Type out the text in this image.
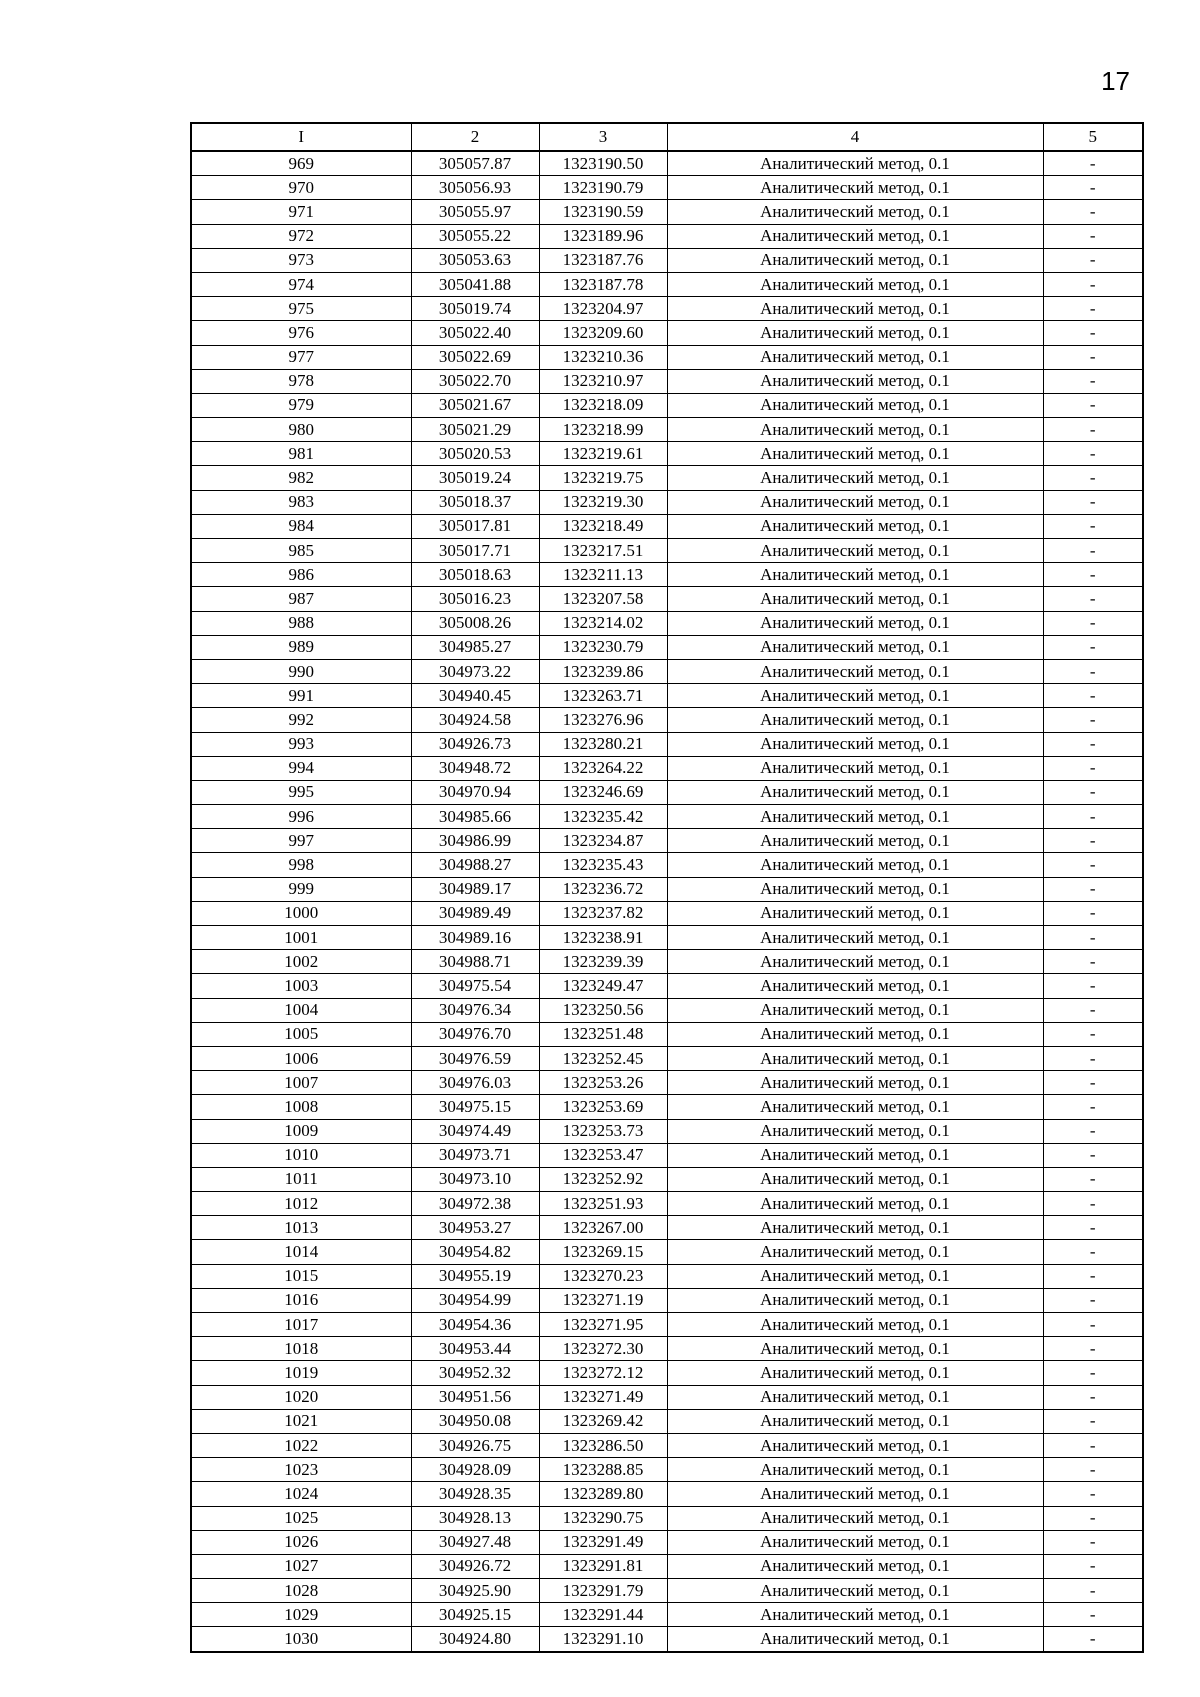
17
I	2	3	4	5
969	305057.87	1323190.50	Аналитический метод, 0.1	-
970	305056.93	1323190.79	Аналитический метод, 0.1	-
971	305055.97	1323190.59	Аналитический метод, 0.1	-
972	305055.22	1323189.96	Аналитический метод, 0.1	-
973	305053.63	1323187.76	Аналитический метод, 0.1	-
974	305041.88	1323187.78	Аналитический метод, 0.1	-
975	305019.74	1323204.97	Аналитический метод, 0.1	-
976	305022.40	1323209.60	Аналитический метод, 0.1	-
977	305022.69	1323210.36	Аналитический метод, 0.1	-
978	305022.70	1323210.97	Аналитический метод, 0.1	-
979	305021.67	1323218.09	Аналитический метод, 0.1	-
980	305021.29	1323218.99	Аналитический метод, 0.1	-
981	305020.53	1323219.61	Аналитический метод, 0.1	-
982	305019.24	1323219.75	Аналитический метод, 0.1	-
983	305018.37	1323219.30	Аналитический метод, 0.1	-
984	305017.81	1323218.49	Аналитический метод, 0.1	-
985	305017.71	1323217.51	Аналитический метод, 0.1	-
986	305018.63	1323211.13	Аналитический метод, 0.1	-
987	305016.23	1323207.58	Аналитический метод, 0.1	-
988	305008.26	1323214.02	Аналитический метод, 0.1	-
989	304985.27	1323230.79	Аналитический метод, 0.1	-
990	304973.22	1323239.86	Аналитический метод, 0.1	-
991	304940.45	1323263.71	Аналитический метод, 0.1	-
992	304924.58	1323276.96	Аналитический метод, 0.1	-
993	304926.73	1323280.21	Аналитический метод, 0.1	-
994	304948.72	1323264.22	Аналитический метод, 0.1	-
995	304970.94	1323246.69	Аналитический метод, 0.1	-
996	304985.66	1323235.42	Аналитический метод, 0.1	-
997	304986.99	1323234.87	Аналитический метод, 0.1	-
998	304988.27	1323235.43	Аналитический метод, 0.1	-
999	304989.17	1323236.72	Аналитический метод, 0.1	-
1000	304989.49	1323237.82	Аналитический метод, 0.1	-
1001	304989.16	1323238.91	Аналитический метод, 0.1	-
1002	304988.71	1323239.39	Аналитический метод, 0.1	-
1003	304975.54	1323249.47	Аналитический метод, 0.1	-
1004	304976.34	1323250.56	Аналитический метод, 0.1	-
1005	304976.70	1323251.48	Аналитический метод, 0.1	-
1006	304976.59	1323252.45	Аналитический метод, 0.1	-
1007	304976.03	1323253.26	Аналитический метод, 0.1	-
1008	304975.15	1323253.69	Аналитический метод, 0.1	-
1009	304974.49	1323253.73	Аналитический метод, 0.1	-
1010	304973.71	1323253.47	Аналитический метод, 0.1	-
1011	304973.10	1323252.92	Аналитический метод, 0.1	-
1012	304972.38	1323251.93	Аналитический метод, 0.1	-
1013	304953.27	1323267.00	Аналитический метод, 0.1	-
1014	304954.82	1323269.15	Аналитический метод, 0.1	-
1015	304955.19	1323270.23	Аналитический метод, 0.1	-
1016	304954.99	1323271.19	Аналитический метод, 0.1	-
1017	304954.36	1323271.95	Аналитический метод, 0.1	-
1018	304953.44	1323272.30	Аналитический метод, 0.1	-
1019	304952.32	1323272.12	Аналитический метод, 0.1	-
1020	304951.56	1323271.49	Аналитический метод, 0.1	-
1021	304950.08	1323269.42	Аналитический метод, 0.1	-
1022	304926.75	1323286.50	Аналитический метод, 0.1	-
1023	304928.09	1323288.85	Аналитический метод, 0.1	-
1024	304928.35	1323289.80	Аналитический метод, 0.1	-
1025	304928.13	1323290.75	Аналитический метод, 0.1	-
1026	304927.48	1323291.49	Аналитический метод, 0.1	-
1027	304926.72	1323291.81	Аналитический метод, 0.1	-
1028	304925.90	1323291.79	Аналитический метод, 0.1	-
1029	304925.15	1323291.44	Аналитический метод, 0.1	-
1030	304924.80	1323291.10	Аналитический метод, 0.1	-
